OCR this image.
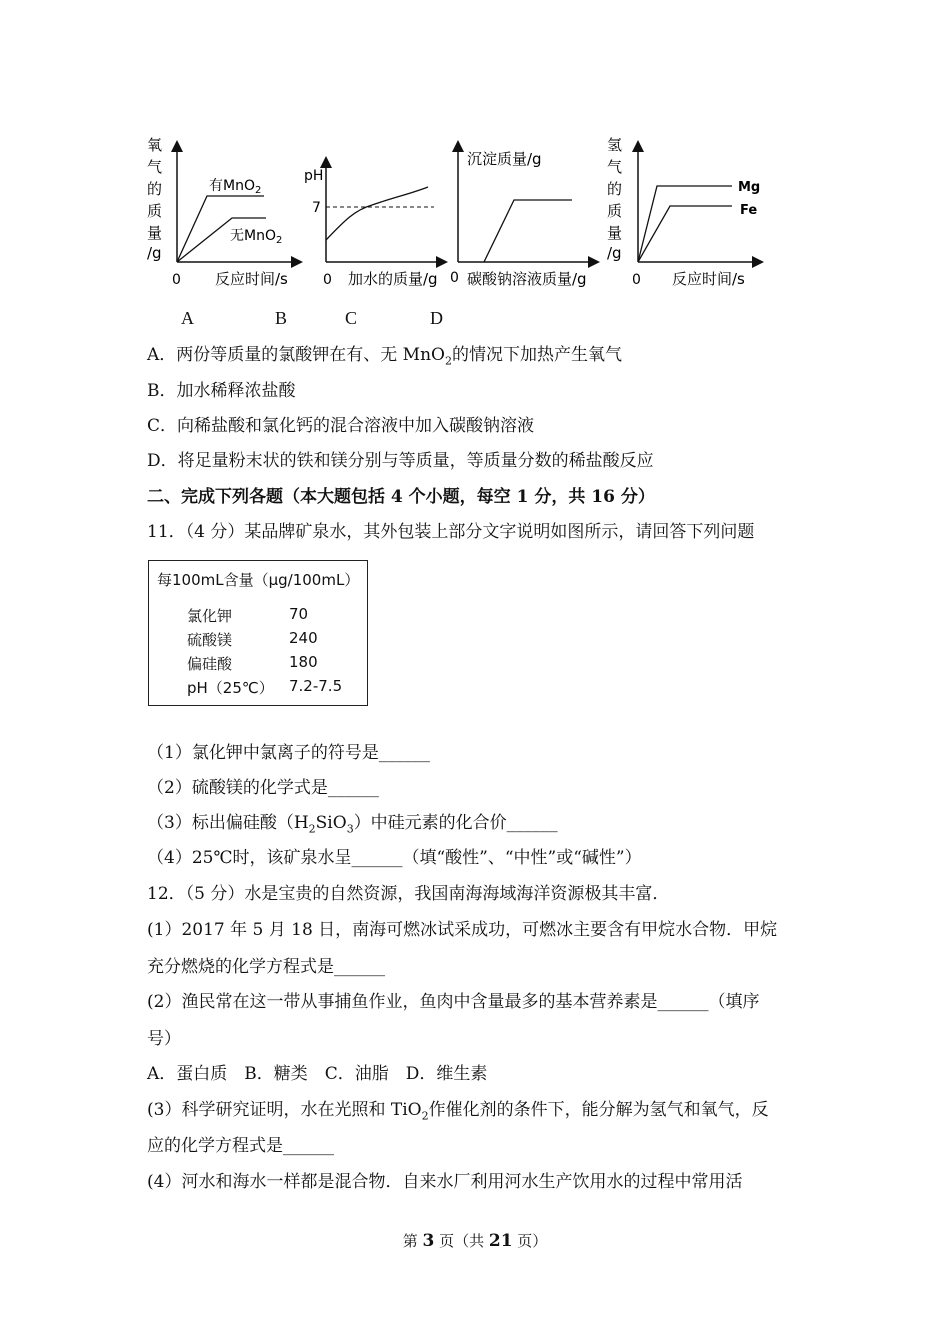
氧
气
的
质
量
/g
0 反应时间/s
有MnO$_2$
无MnO$_2$
pH
0 加水的质量/g
7
沉淀质量/g
0 碳酸钠溶液质量/g
氢
气
的
质
量
/g
0 反应时间/s
Mg
Fe
A	B	C	D
A．两份等质量的氯酸钾在有、无 MnO$_2$的情况下加热产生氧气
B．加水稀释浓盐酸
C．向稀盐酸和氯化钙的混合溶液中加入碳酸钠溶液
D．将足量粉末状的铁和镁分别与等质量，等质量分数的稀盐酸反应
二、完成下列各题（本大题包括 4 个小题，每空 1 分，共 16 分）
11．（4 分）某品牌矿泉水，其外包装上部分文字说明如图所示，请回答下列问题
每100mL含量（μg/100mL）
氯化钾	70
硫酸镁	240
偏硅酸	180
pH（25℃） 7.2-7.5
（1）氯化钾中氯离子的符号是______
（2）硫酸镁的化学式是______
（3）标出偏硅酸$(H_2SiO_3)$中硅元素的化合价______
（4）25℃时，该矿泉水呈______（填“酸性”、“中性”或“碱性”）
12．（5 分）水是宝贵的自然资源，我国南海海域海洋资源极其丰富．
(1）2017 年 5 月 18 日，南海可燃冰试采成功，可燃冰主要含有甲烷水合物．甲烷
充分燃烧的化学方程式是______
(2）渔民常在这一带从事捕鱼作业，鱼肉中含量最多的基本营养素是______（填序
号）
A．蛋白质　B．糖类　C．油脂　D．维生素
(3）科学研究证明，水在光照和 TiO$_2$作催化剂的条件下，能分解为氢气和氧气，反
应的化学方程式是______
(4）河水和海水一样都是混合物．自来水厂利用河水生产饮用水的过程中常用活
第 3 页（共 21 页）
